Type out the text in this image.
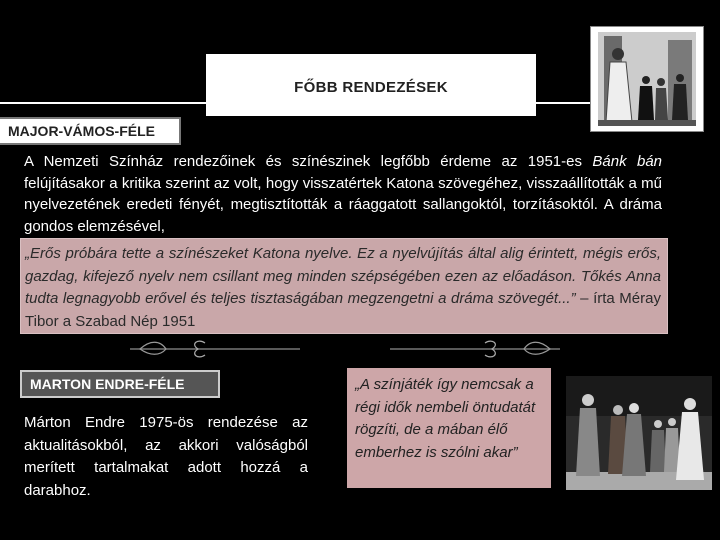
FŐBB RENDEZÉSEK
MAJOR-VÁMOS-FÉLE
A Nemzeti Színház rendezőinek és színészinek legfőbb érdeme az 1951-es Bánk bán felújításakor a kritika szerint az volt, hogy visszatértek Katona szövegéhez, visszaállították a mű nyelvezetének eredeti fényét, megtisztították a ráaggatott sallangoktól, torzításoktól. A dráma gondos elemzésével,
„Erős próbára tette a színészeket Katona nyelve. Ez a nyelvújítás által alig érintett, mégis erős, gazdag, kifejező nyelv nem csillant meg minden szépségében ezen az előadáson. Tőkés Anna tudta legnagyobb erővel és teljes tisztaságában megzengetni a dráma szövegét...” – írta Méray Tibor a Szabad Nép 1951
MARTON ENDRE-FÉLE
Márton Endre 1975-ös rendezése az aktualitásokból, az akkori valóságból merített tartalmakat adott hozzá a darabhoz.
„A színjáték így nemcsak a régi idők nembeli öntudatát rögzíti, de a mában élő emberhez is szólni akar”
